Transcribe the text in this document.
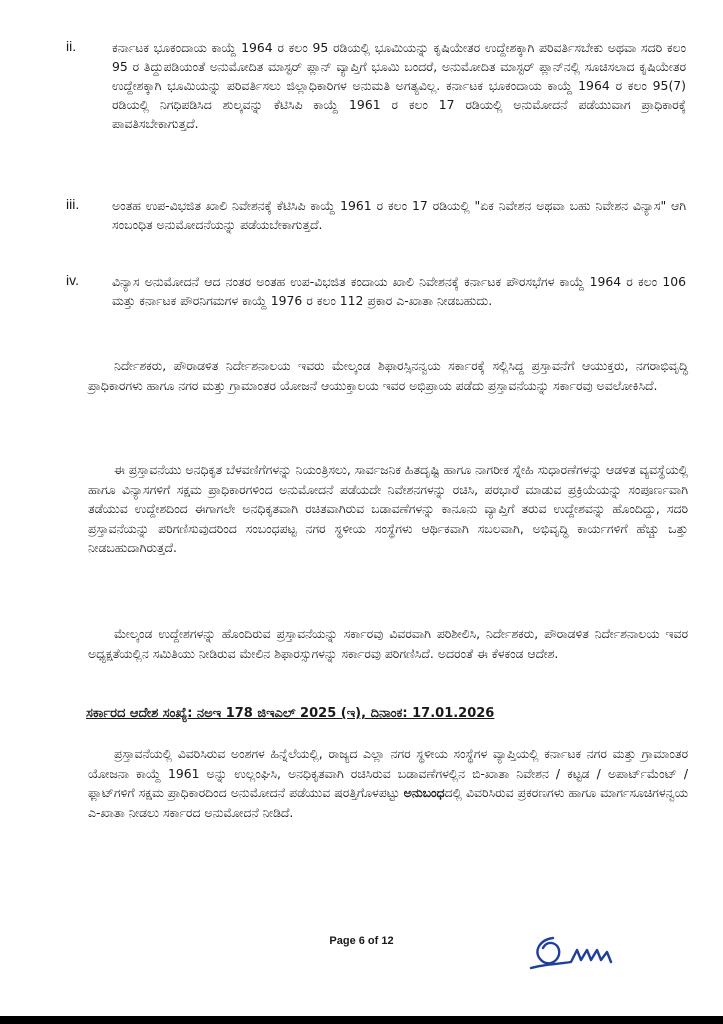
ii.	ಕರ್ನಾಟಕ ಭೂಕಂದಾಯ ಕಾಯ್ದೆ 1964 ರ ಕಲಂ 95 ರಡಿಯಲ್ಲಿ ಭೂಮಿಯನ್ನು ಕೃಷಿಯೇತರ ಉದ್ದೇಶಕ್ಕಾಗಿ ಪರಿವರ್ತಿಸಬೇಕು ಅಥವಾ ಸದರಿ ಕಲಂ 95 ರ ತಿದ್ದುಪಡಿಯಂತೆ ಅನುಮೋದಿತ ಮಾಸ್ಟರ್ ಪ್ಲಾನ್ ವ್ಯಾಪ್ತಿಗೆ ಭೂಮಿ ಬಂದರೆ, ಅನುಮೋದಿತ ಮಾಸ್ಟರ್ ಪ್ಲಾನ್‌ನಲ್ಲಿ ಸೂಚಿಸಲಾದ ಕೃಷಿಯೇತರ ಉದ್ದೇಶಕ್ಕಾಗಿ ಭೂಮಿಯನ್ನು ಪರಿವರ್ತಿಸಲು ಜಿಲ್ಲಾಧಿಕಾರಿಗಳ ಅನುಮತಿ ಅಗತ್ಯವಿಲ್ಲ. ಕರ್ನಾಟಕ ಭೂಕಂದಾಯ ಕಾಯ್ದೆ 1964 ರ ಕಲಂ 95(7) ರಡಿಯಲ್ಲಿ ನಿಗಧಿಪಡಿಸಿದ ಶುಲ್ಕವನ್ನು ಕೆಟಿಸಿಪಿ ಕಾಯ್ದೆ 1961 ರ ಕಲಂ 17 ರಡಿಯಲ್ಲಿ ಅನುಮೋದನೆ ಪಡೆಯುವಾಗ ಪ್ರಾಧಿಕಾರಕ್ಕೆ ಪಾವತಿಸಬೇಕಾಗುತ್ತದೆ.
iii.	ಅಂತಹ ಉಪ-ವಿಭಜಿತ ಖಾಲಿ ನಿವೇಶನಕ್ಕೆ ಕೆಟಿಸಿಪಿ ಕಾಯ್ದೆ 1961 ರ ಕಲಂ 17 ರಡಿಯಲ್ಲಿ "ಏಕ ನಿವೇಶನ ಅಥವಾ ಬಹು ನಿವೇಶನ ವಿನ್ಯಾಸ" ಆಗಿ ಸಂಬಂಧಿತ ಅನುಮೋದನೆಯನ್ನು ಪಡೆಯಬೇಕಾಗುತ್ತದೆ.
iv.	ವಿನ್ಯಾಸ ಅನುಮೋದನೆ ಆದ ನಂತರ ಅಂತಹ ಉಪ-ವಿಭಜಿತ ಕಂದಾಯ ಖಾಲಿ ನಿವೇಶನಕ್ಕೆ ಕರ್ನಾಟಕ ಪೌರಸಭೆಗಳ ಕಾಯ್ದೆ 1964 ರ ಕಲಂ 106 ಮತ್ತು ಕರ್ನಾಟಕ ಪೌರನಿಗಮಗಳ ಕಾಯ್ದೆ 1976 ರ ಕಲಂ 112 ಪ್ರಕಾರ ಎ-ಖಾತಾ ನೀಡಬಹುದು.
ನಿರ್ದೇಶಕರು, ಪೌರಾಡಳಿತ ನಿರ್ದೇಶನಾಲಯ ಇವರು ಮೇಲ್ಕಂಡ ಶಿಫಾರಸ್ಸಿನನ್ವಯ ಸರ್ಕಾರಕ್ಕೆ ಸಲ್ಲಿಸಿದ್ದ ಪ್ರಸ್ತಾವನೆಗೆ ಆಯುಕ್ತರು, ನಗರಾಭಿವೃದ್ಧಿ ಪ್ರಾಧಿಕಾರಗಳು ಹಾಗೂ ನಗರ ಮತ್ತು ಗ್ರಾಮಾಂತರ ಯೋಜನೆ ಆಯುಕ್ತಾಲಯ ಇವರ ಅಭಿಪ್ರಾಯ ಪಡೆದು ಪ್ರಸ್ತಾವನೆಯನ್ನು ಸರ್ಕಾರವು ಅವಲೋಕಿಸಿದೆ.
ಈ ಪ್ರಸ್ತಾವನೆಯು ಅನಧಿಕೃತ ಬೆಳವಣಿಗೆಗಳನ್ನು ನಿಯಂತ್ರಿಸಲು, ಸಾರ್ವಜನಿಕ ಹಿತದೃಷ್ಟಿ ಹಾಗೂ ನಾಗರೀಕ ಸ್ನೇಹಿ ಸುಧಾರಣೆಗಳನ್ನು ಆಡಳಿತ ವ್ಯವಸ್ಥೆಯಲ್ಲಿ ಹಾಗೂ ವಿನ್ಯಾಸಗಳಿಗೆ ಸಕ್ಷಮ ಪ್ರಾಧಿಕಾರಗಳಿಂದ ಅನುಮೋದನೆ ಪಡೆಯದೇ ನಿವೇಶನಗಳನ್ನು ರಚಿಸಿ, ಪರಭಾರೆ ಮಾಡುವ ಪ್ರಕ್ರಿಯೆಯನ್ನು ಸಂಪೂರ್ಣವಾಗಿ ತಡೆಯುವ ಉದ್ದೇಶದಿಂದ ಈಗಾಗಲೇ ಅನಧಿಕೃತವಾಗಿ ರಚಿತವಾಗಿರುವ ಬಡಾವಣೆಗಳನ್ನು ಕಾನೂನು ವ್ಯಾಪ್ತಿಗೆ ತರುವ ಉದ್ದೇಶವನ್ನು ಹೊಂದಿದ್ದು, ಸದರಿ ಪ್ರಸ್ತಾವನೆಯನ್ನು ಪರಿಗಣಿಸುವುದರಿಂದ ಸಂಬಂಧಪಟ್ಟ ನಗರ ಸ್ಥಳೀಯ ಸಂಸ್ಥೆಗಳು ಆರ್ಥಿಕವಾಗಿ ಸಬಲವಾಗಿ, ಅಭಿವೃದ್ಧಿ ಕಾರ್ಯಗಳಿಗೆ ಹೆಚ್ಚು ಒತ್ತು ನೀಡಬಹುದಾಗಿರುತ್ತದೆ.
ಮೇಲ್ಕಂಡ ಉದ್ದೇಶಗಳನ್ನು ಹೊಂದಿರುವ ಪ್ರಸ್ತಾವನೆಯನ್ನು ಸರ್ಕಾರವು ವಿವರವಾಗಿ ಪರಿಶೀಲಿಸಿ, ನಿರ್ದೇಶಕರು, ಪೌರಾಡಳಿತ ನಿರ್ದೇಶನಾಲಯ ಇವರ ಅಧ್ಯಕ್ಷತೆಯಲ್ಲಿನ ಸಮಿತಿಯು ನೀಡಿರುವ ಮೇಲಿನ ಶಿಫಾರಸ್ಸುಗಳನ್ನು ಸರ್ಕಾರವು ಪರಿಗಣಿಸಿದೆ. ಅದರಂತೆ ಈ ಕೆಳಕಂಡ ಆದೇಶ.
ಸರ್ಕಾರದ ಆದೇಶ ಸಂಖ್ಯೆ: ನಅಇ 178 ಜಿಇಎಲ್ 2025 (ಇ), ದಿನಾಂಕ: 17.01.2026
ಪ್ರಸ್ತಾವನೆಯಲ್ಲಿ ವಿವರಿಸಿರುವ ಅಂಶಗಳ ಹಿನ್ನೆಲೆಯಲ್ಲಿ, ರಾಜ್ಯದ ಎಲ್ಲಾ ನಗರ ಸ್ಥಳೀಯ ಸಂಸ್ಥೆಗಳ ವ್ಯಾಪ್ತಿಯಲ್ಲಿ ಕರ್ನಾಟಕ ನಗರ ಮತ್ತು ಗ್ರಾಮಾಂತರ ಯೋಜನಾ ಕಾಯ್ದೆ 1961 ಅನ್ನು ಉಲ್ಲಂಘಿಸಿ, ಅನಧಿಕೃತವಾಗಿ ರಚಿಸಿರುವ ಬಡಾವಣೆಗಳಲ್ಲಿನ ಬಿ-ಖಾತಾ ನಿವೇಶನ / ಕಟ್ಟಡ / ಅಪಾರ್ಟ್‌ಮೆಂಟ್ / ಫ್ಲಾಟ್‌ಗಳಿಗೆ ಸಕ್ಷಮ ಪ್ರಾಧಿಕಾರದಿಂದ ಅನುಮೋದನೆ ಪಡೆಯುವ ಷರತ್ತಿಗೊಳಪಟ್ಟು ಅನುಬಂಧದಲ್ಲಿ ವಿವರಿಸಿರುವ ಪ್ರಕರಣಗಳು ಹಾಗೂ ಮಾರ್ಗಸೂಚಿಗಳನ್ವಯ ಎ-ಖಾತಾ ನೀಡಲು ಸರ್ಕಾರದ ಅನುಮೋದನೆ ನೀಡಿದೆ.
Page 6 of 12
